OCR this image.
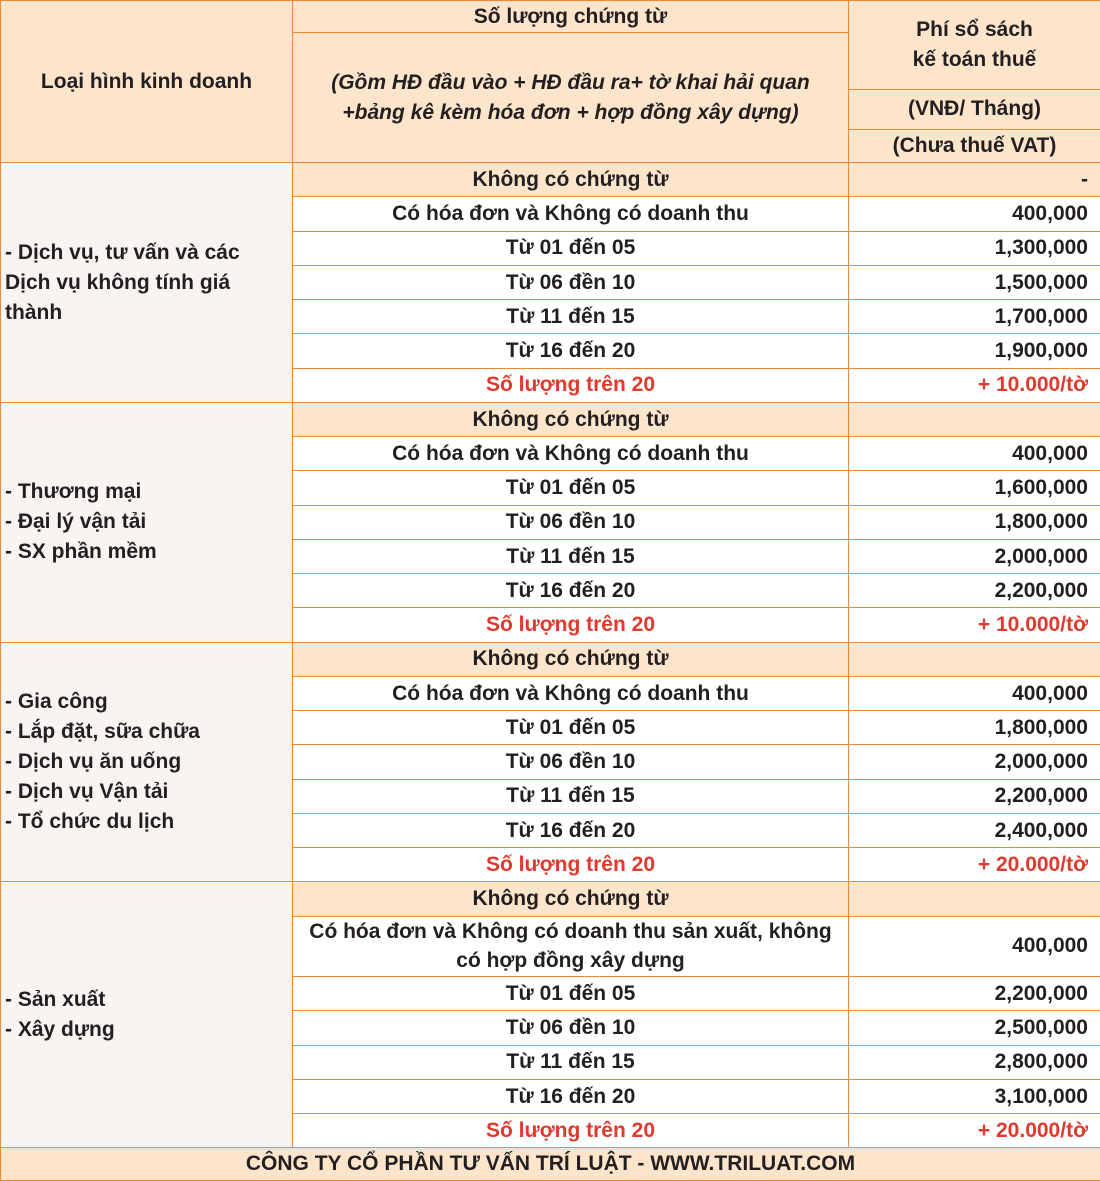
Loại hình kinh doanh	Số lượng chứng từ	Phí sổ sách
kế toán thuế

	(Gồm HĐ đầu vào + HĐ đầu ra+ tờ khai hải quan +bảng kê kèm hóa đơn + hợp đồng xây dựng)	
		(VNĐ/ Tháng)
		(Chưa thuế VAT)

- Dịch vụ, tư vấn và các
Dịch vụ không tính giá
thành	Không có chứng từ	-
	Có hóa đơn và Không có doanh thu	400,000
	Từ 01 đến 05	1,300,000
	Từ 06 đền 10	1,500,000
	Từ 11 đến 15	1,700,000
	Từ 16 đến 20	1,900,000
	Số lượng trên 20	+ 10.000/tờ

- Thương mại
- Đại lý vận tải
- SX phần mềm	Không có chứng từ	
	Có hóa đơn và Không có doanh thu	400,000
	Từ 01 đến 05	1,600,000
	Từ 06 đền 10	1,800,000
	Từ 11 đến 15	2,000,000
	Từ 16 đến 20	2,200,000
	Số lượng trên 20	+ 10.000/tờ

- Gia công
- Lắp đặt, sữa chữa
- Dịch vụ ăn uống
- Dịch vụ Vận tải
- Tổ chức du lịch	Không có chứng từ	
	Có hóa đơn và Không có doanh thu	400,000
	Từ 01 đến 05	1,800,000
	Từ 06 đền 10	2,000,000
	Từ 11 đến 15	2,200,000
	Từ 16 đến 20	2,400,000
	Số lượng trên 20	+ 20.000/tờ

- Sản xuất
- Xây dựng	Không có chứng từ	
	Có hóa đơn và Không có doanh thu sản xuất, không có hợp đồng xây dựng	400,000
	Từ 01 đến 05	2,200,000
	Từ 06 đền 10	2,500,000
	Từ 11 đến 15	2,800,000
	Từ 16 đến 20	3,100,000
	Số lượng trên 20	+ 20.000/tờ
CÔNG TY CỔ PHẦN TƯ VẤN TRÍ LUẬT - WWW.TRILUAT.COM		
